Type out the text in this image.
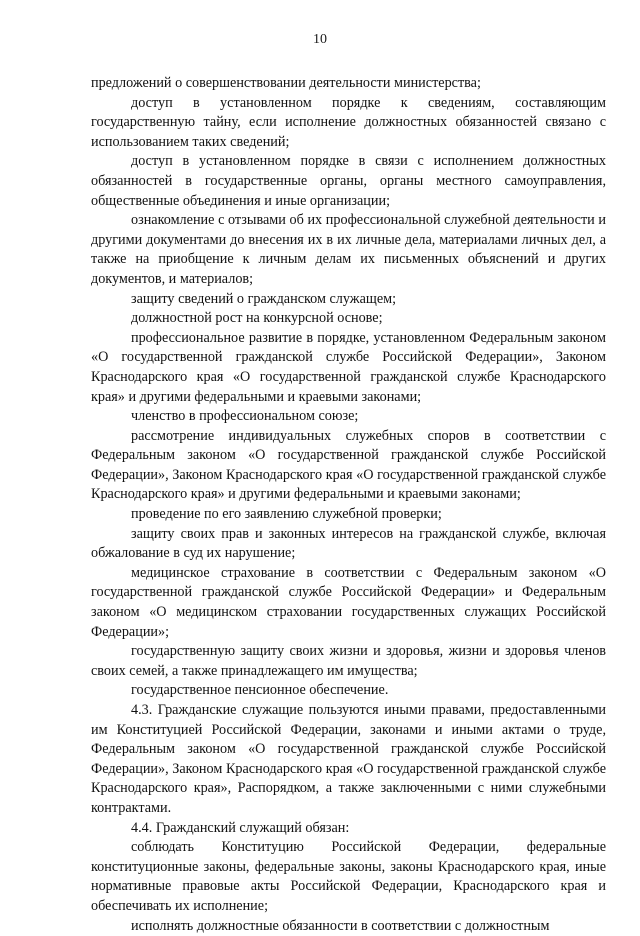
10

предложений о совершенствовании деятельности министерства;

доступ в установленном порядке к сведениям, составляющим государственную тайну, если исполнение должностных обязанностей связано с использованием таких сведений;

доступ в установленном порядке в связи с исполнением должностных обязанностей в государственные органы, органы местного самоуправления, общественные объединения и иные организации;

ознакомление с отзывами об их профессиональной служебной деятельности и другими документами до внесения их в их личные дела, материалами личных дел, а также на приобщение к личным делам их письменных объяснений и других документов, и материалов;

защиту сведений о гражданском служащем;

должностной рост на конкурсной основе;

профессиональное развитие в порядке, установленном Федеральным законом «О государственной гражданской службе Российской Федерации», Законом Краснодарского края «О государственной гражданской службе Краснодарского края» и другими федеральными и краевыми законами;

членство в профессиональном союзе;

рассмотрение индивидуальных служебных споров в соответствии с Федеральным законом «О государственной гражданской службе Российской Федерации», Законом Краснодарского края «О государственной гражданской службе Краснодарского края» и другими федеральными и краевыми законами;

проведение по его заявлению служебной проверки;

защиту своих прав и законных интересов на гражданской службе, включая обжалование в суд их нарушение;

медицинское страхование в соответствии с Федеральным законом «О государственной гражданской службе Российской Федерации» и Федеральным законом «О медицинском страховании государственных служащих Российской Федерации»;

государственную защиту своих жизни и здоровья, жизни и здоровья членов своих семей, а также принадлежащего им имущества;

государственное пенсионное обеспечение.

4.3. Гражданские служащие пользуются иными правами, предоставленными им Конституцией Российской Федерации, законами и иными актами о труде, Федеральным законом «О государственной гражданской службе Российской Федерации», Законом Краснодарского края «О государственной гражданской службе Краснодарского края», Распорядком, а также заключенными с ними служебными контрактами.

4.4. Гражданский служащий обязан:

соблюдать Конституцию Российской Федерации, федеральные конституционные законы, федеральные законы, законы Краснодарского края, иные нормативные правовые акты Российской Федерации, Краснодарского края и обеспечивать их исполнение;

исполнять должностные обязанности в соответствии с должностным
